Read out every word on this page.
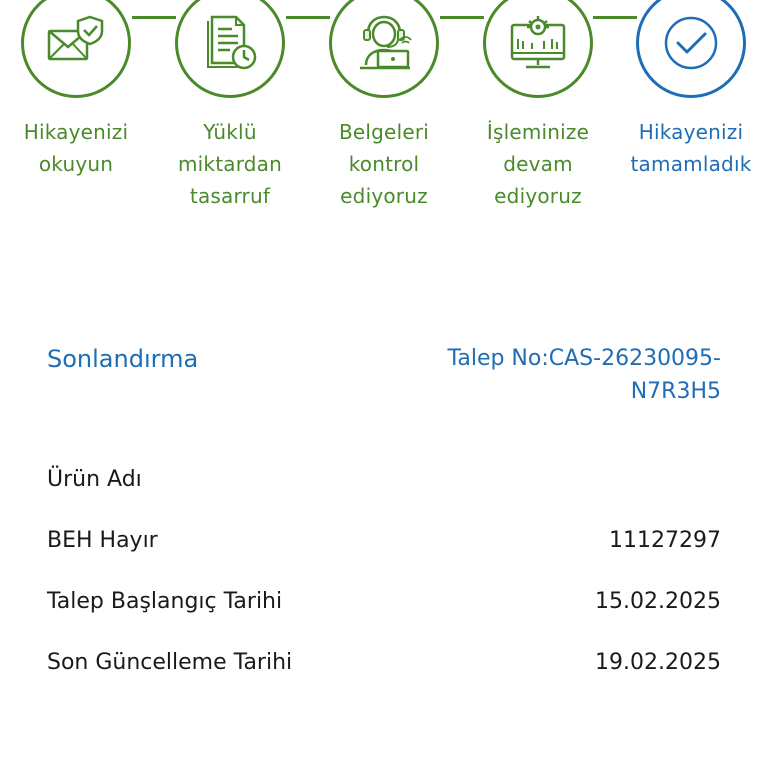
Hikayenizi
okuyun
Yüklü
miktardan
tasarruf
Belgeleri
kontrol
ediyoruz
İşleminize
devam
ediyoruz
Hikayenizi
tamamladık
Sonlandırma	Talep No:CAS-26230095-
N7R3H5
Ürün Adı
BEH Hayır	11127297
Talep Başlangıç Tarihi	15.02.2025
Son Güncelleme Tarihi	19.02.2025
